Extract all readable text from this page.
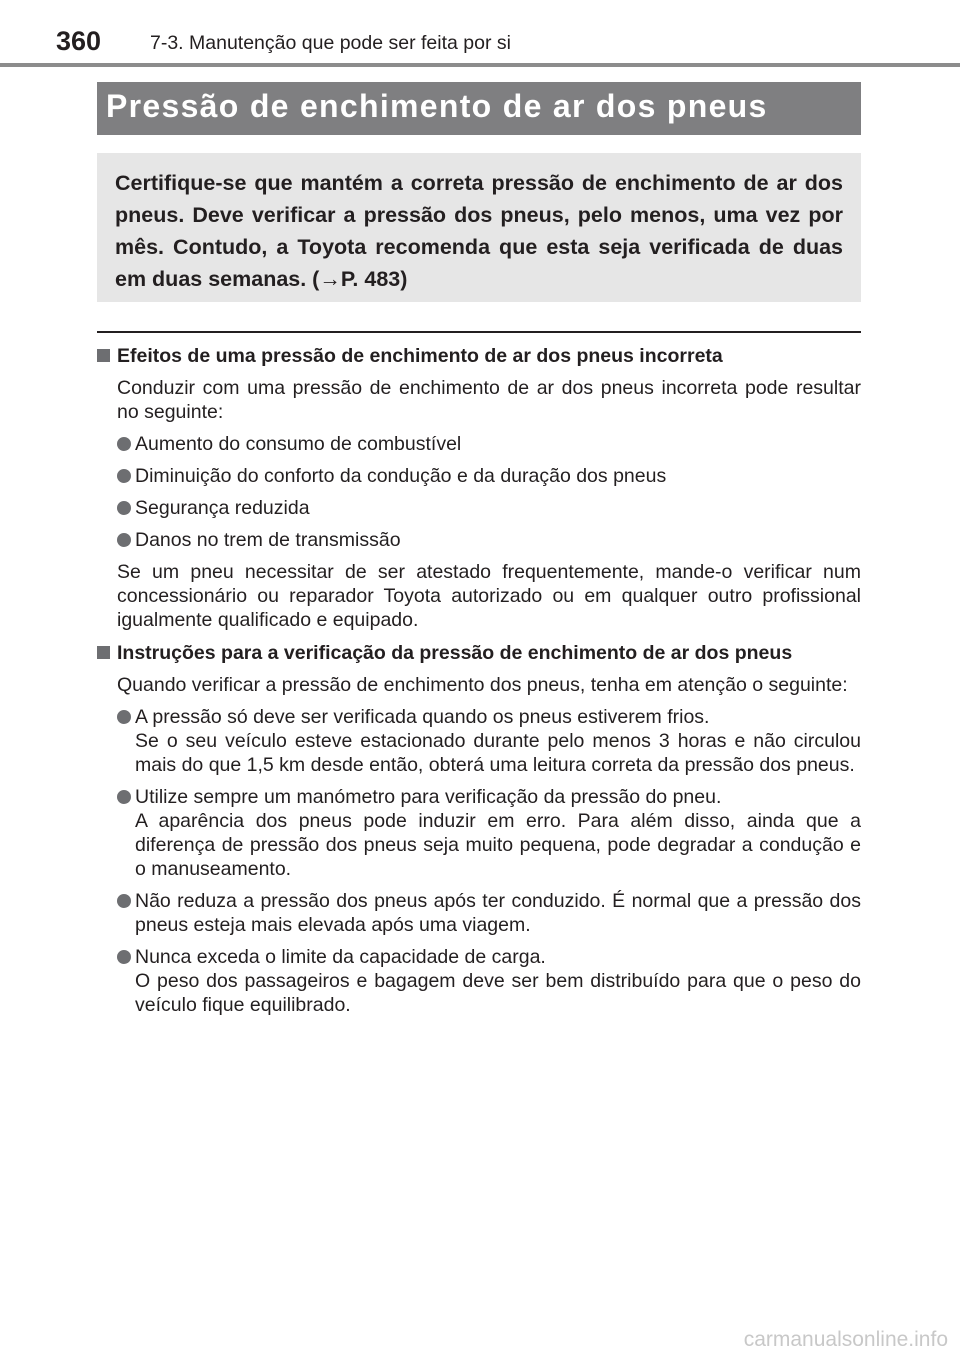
360	7-3. Manutenção que pode ser feita por si
Pressão de enchimento de ar dos pneus
Certifique-se que mantém a correta pressão de enchimento de ar dos pneus. Deve verificar a pressão dos pneus, pelo menos, uma vez por mês. Contudo, a Toyota recomenda que esta seja verificada de duas em duas semanas. (→P. 483)
Efeitos de uma pressão de enchimento de ar dos pneus incorreta
Conduzir com uma pressão de enchimento de ar dos pneus incorreta pode resultar no seguinte:
Aumento do consumo de combustível
Diminuição do conforto da condução e da duração dos pneus
Segurança reduzida
Danos no trem de transmissão
Se um pneu necessitar de ser atestado frequentemente, mande-o verificar num concessionário ou reparador Toyota autorizado ou em qualquer outro profissional igualmente qualificado e equipado.
Instruções para a verificação da pressão de enchimento de ar dos pneus
Quando verificar a pressão de enchimento dos pneus, tenha em atenção o seguinte:
A pressão só deve ser verificada quando os pneus estiverem frios.
Se o seu veículo esteve estacionado durante pelo menos 3 horas e não circulou mais do que 1,5 km desde então, obterá uma leitura correta da pressão dos pneus.
Utilize sempre um manómetro para verificação da pressão do pneu.
A aparência dos pneus pode induzir em erro. Para além disso, ainda que a diferença de pressão dos pneus seja muito pequena, pode degradar a condução e o manuseamento.
Não reduza a pressão dos pneus após ter conduzido. É normal que a pressão dos pneus esteja mais elevada após uma viagem.
Nunca exceda o limite da capacidade de carga.
O peso dos passageiros e bagagem deve ser bem distribuído para que o peso do veículo fique equilibrado.
carmanualsonline.info
